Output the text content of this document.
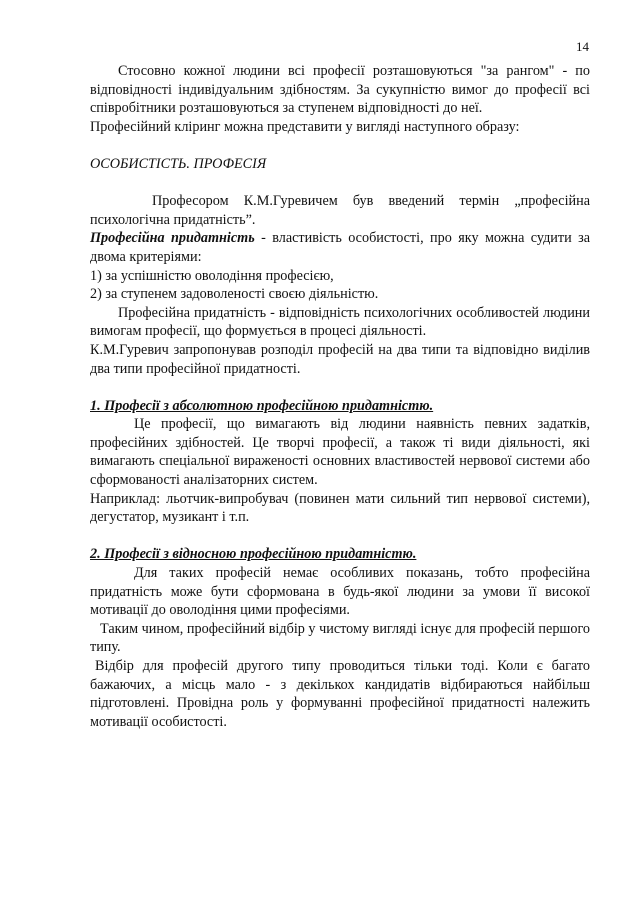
14

Стосовно кожної людини всі професії розташовуються "за рангом" - по відповідності індивідуальним здібностям. За сукупністю вимог до професії всі співробітники розташовуються за ступенем відповідності до неї.

Професійний кліринг можна представити у вигляді наступного образу:

ОСОБИСТІСТЬ. ПРОФЕСІЯ

Професором К.М.Гуревичем був введений термін „професійна психологічна придатність”.

Професійна придатність - властивість особистості, про яку можна судити за двома критеріями:

1) за успішністю оволодіння професією,

2) за ступенем задоволеності своєю діяльністю.

Професійна придатність - відповідність психологічних особливостей людини вимогам професії, що формується в процесі діяльності.

К.М.Гуревич запропонував розподіл професій на два типи та відповідно виділив два типи професійної придатності.

1. Професії з абсолютною професійною придатністю.

Це професії, що вимагають від людини наявність певних задатків, професійних здібностей. Це творчі професії, а також ті види діяльності, які вимагають спеціальної вираженості основних властивостей нервової системи або сформованості аналізаторних систем.

Наприклад: льотчик-випробувач (повинен мати сильний тип нервової системи), дегустатор, музикант і т.п.

2. Професії з відносною професійною придатністю.

Для таких професій немає особливих показань, тобто професійна придатність може бути сформована в будь-якої людини за умови її високої мотивації до оволодіння цими професіями.

Таким чином, професійний відбір у чистому вигляді існує для професій першого типу.

Відбір для професій другого типу проводиться тільки тоді. Коли є багато бажаючих, а місць мало - з декількох кандидатів відбираються найбільш підготовлені. Провідна роль у формуванні професійної придатності належить мотивації особистості.
